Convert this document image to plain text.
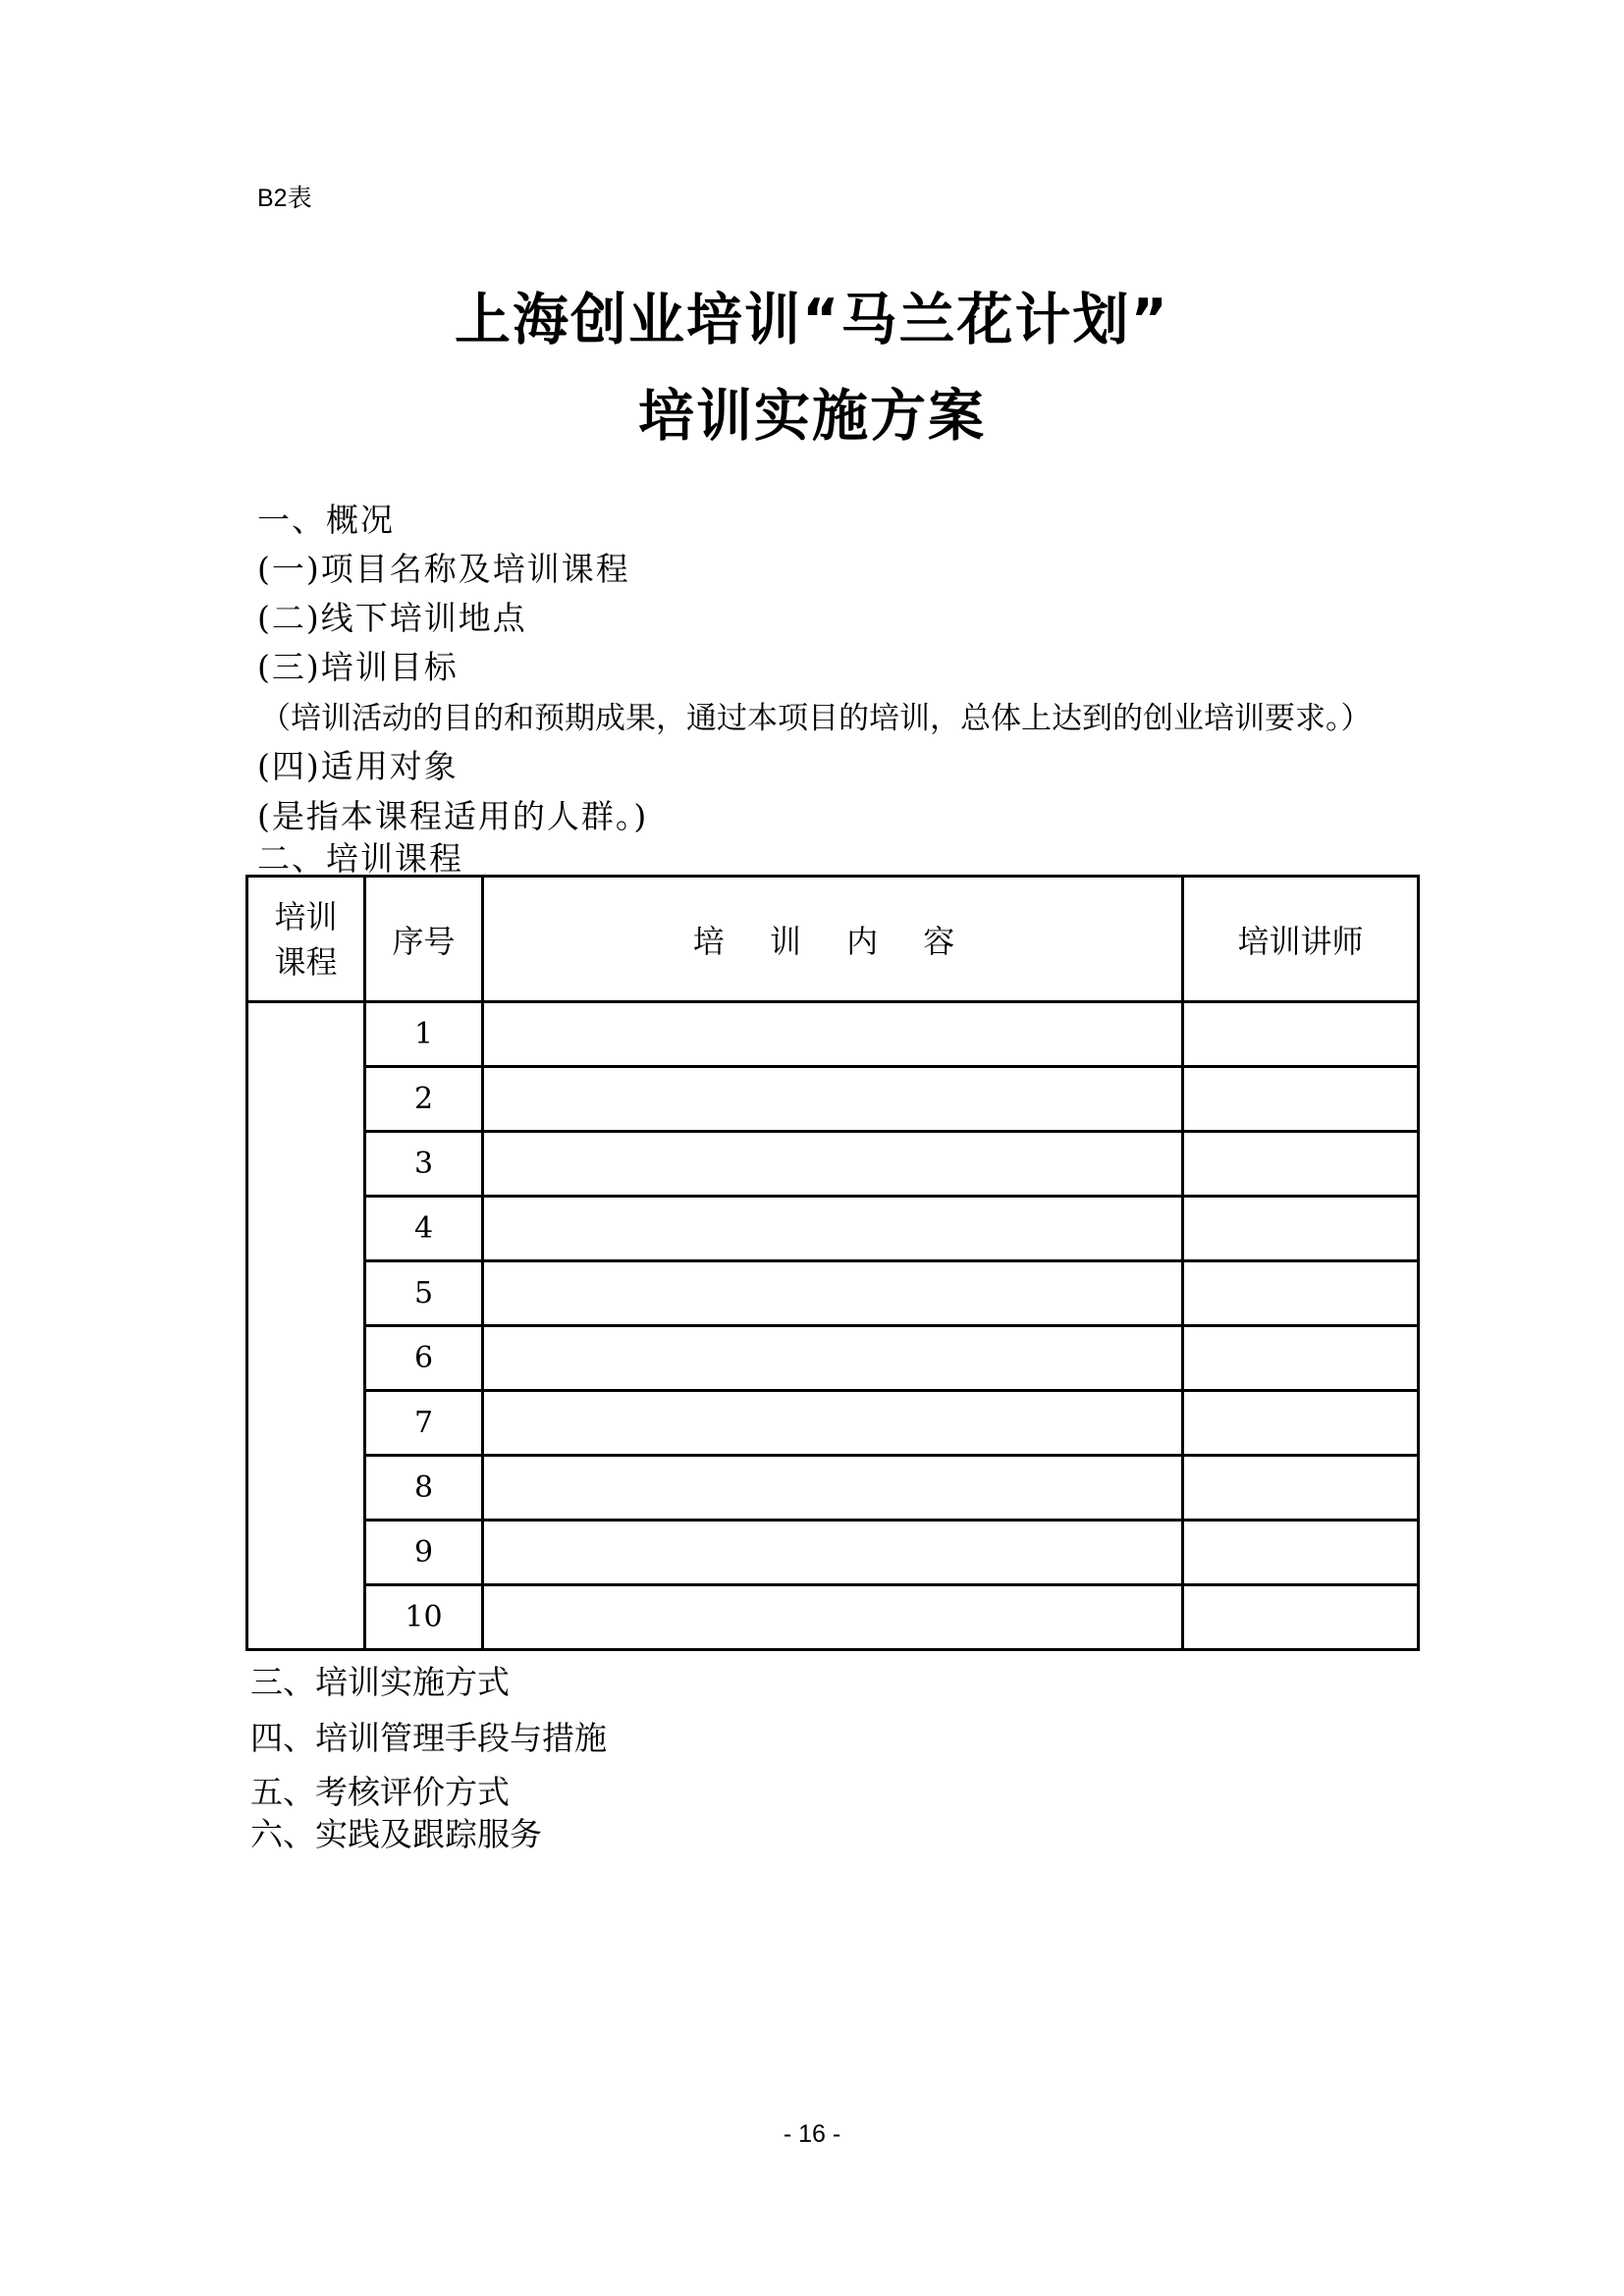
B2表
上海创业培训“马兰花计划”
培训实施方案
一、概况
(一)项目名称及培训课程
(二)线下培训地点
(三)培训目标
（培训活动的目的和预期成果，通过本项目的培训，总体上达到的创业培训要求。）
(四)适用对象
(是指本课程适用的人群。)
二、培训课程
培训
课程	序号	培 训 内 容	培训讲师
	1		
	2		
	3		
	4		
	5		
	6		
	7		
	8		
	9		
	10		
三、培训实施方式
四、培训管理手段与措施
五、考核评价方式
六、实践及跟踪服务
- 16 -
